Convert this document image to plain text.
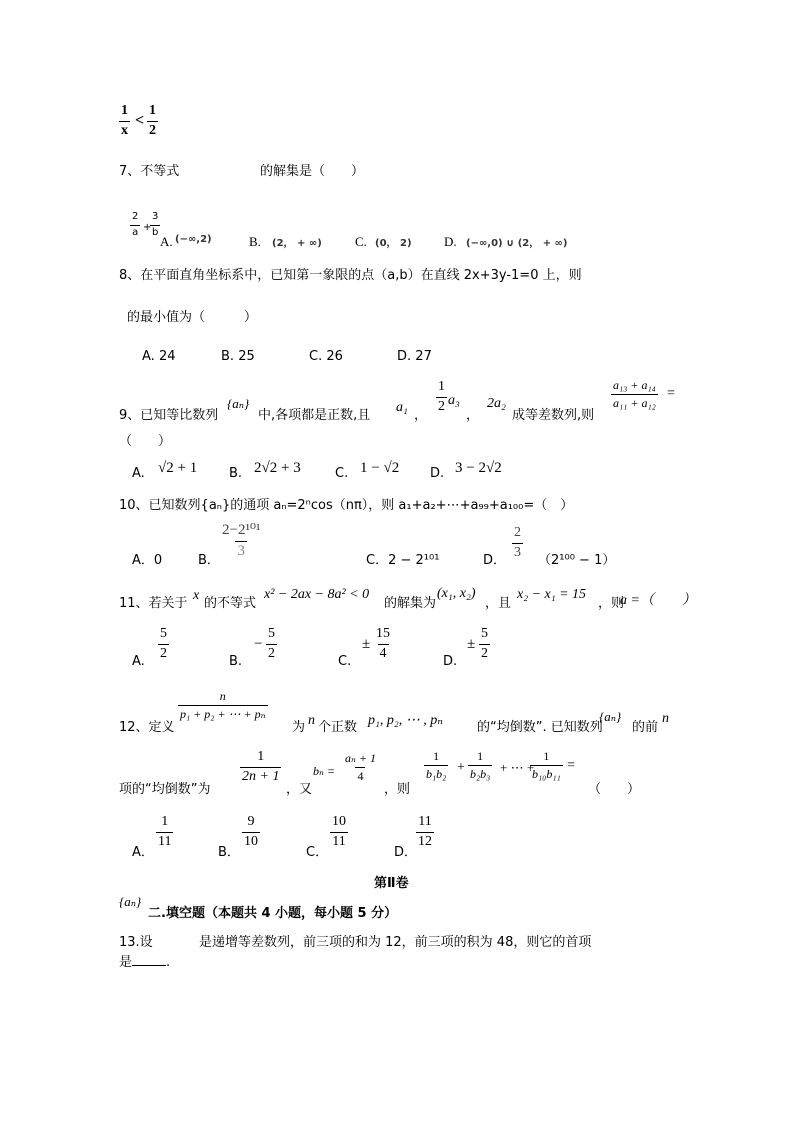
$\frac{1}{x} < \frac{1}{2}$
7、不等式	的解集是（　　）
$\frac{2}{a}$ +
$\frac{3}{b}$
A. (−∞,2)	B. (2， + ∞)	C. (0， 2) D. (−∞,0) ∪ (2， + ∞)
8、在平面直角坐标系中，已知第一象限的点（a,b）在直线 2x+3y-1=0 上，则
的最小值为（　　　）
A. 24	B. 25	C. 26	D. 27
9、已知等比数列
{aₙ}
中,各项都是正数,且
a₁
，
$\frac{1}{2} a_3$
，
2a₂
成等差数列,则
$\frac{\text{a₁₃ + a₁₄}}{\text{a₁₁ + a₁₂}}$ =
（　　）
A. √2 + 1 B. 2√2 + 3	C. 1 − √2 D. 3 − 2√2
10、已知数列{aₙ}的通项 aₙ=2ⁿcos（nπ），则 a₁+a₂+⋯+a₉₉+a₁₀₀=（　）
A．0	B．
$\frac{\text{2−2¹⁰¹}}{3}$
C．2 − 2¹⁰¹	D．
$\frac{2}{3}$
（2¹⁰⁰ − 1）
11、若关于
x
的不等式
x² − 2ax − 8a² < 0
的解集为
(x₁, x₂)
，且
x₂ − x₁ = 15
，则
a =（　　）
A.
$\frac{5}{2}$
B.
− $\frac{5}{2}$
C.
± $\frac{15}{4}$
D.
± $\frac{5}{2}$
12、定义
$\frac{n}{\text{p₁ + p₂ + ⋯ + pₙ}}$
为 n 个正数 p₁, p₂, ⋯ , pₙ	的“均倒数”. 已知数列
{aₙ}
的前
n
项的“均倒数”为
$\frac{1}{2n + 1}$
，又
$b_n = \frac{\text{aₙ + 1}}{4}$
，则
$\frac{1}{\text{b₁b₂}} + \frac{1}{\text{b₂b₃}}$ + ⋯ +
$\frac{1}{\text{b₁₀b₁₁}}$ =
（　　）
A．
$\frac{1}{11}$
B．
$\frac{9}{10}$
C．
$\frac{10}{11}$
D．
$\frac{11}{12}$
第Ⅱ卷
{aₙ}
二.填空题（本题共 4 小题，每小题 5 分）
13.设	是递增等差数列，前三项的和为 12，前三项的积为 48，则它的首项
是	.
